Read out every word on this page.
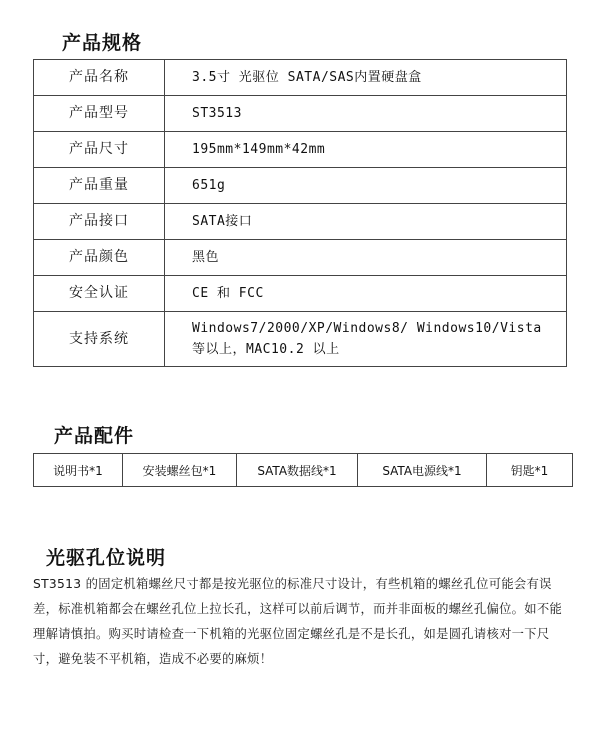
产品规格
产品名称	3.5寸 光驱位 SATA/SAS内置硬盘盒
产品型号	ST3513
产品尺寸	195mm*149mm*42mm
产品重量	651g
产品接口	SATA接口
产品颜色	黑色
安全认证	CE 和 FCC
支持系统	Windows7/2000/XP/Windows8/ Windows10/Vista 等以上，MAC10.2 以上
产品配件
说明书*1	安装螺丝包*1	SATA数据线*1	SATA电源线*1	钥匙*1
光驱孔位说明
ST3513 的固定机箱螺丝尺寸都是按光驱位的标准尺寸设计，有些机箱的螺丝孔位可能会有误差，标准机箱都会在螺丝孔位上拉长孔，这样可以前后调节，而并非面板的螺丝孔偏位。如不能理解请慎拍。购买时请检查一下机箱的光驱位固定螺丝孔是不是长孔，如是圆孔请核对一下尺寸，避免装不平机箱，造成不必要的麻烦！
